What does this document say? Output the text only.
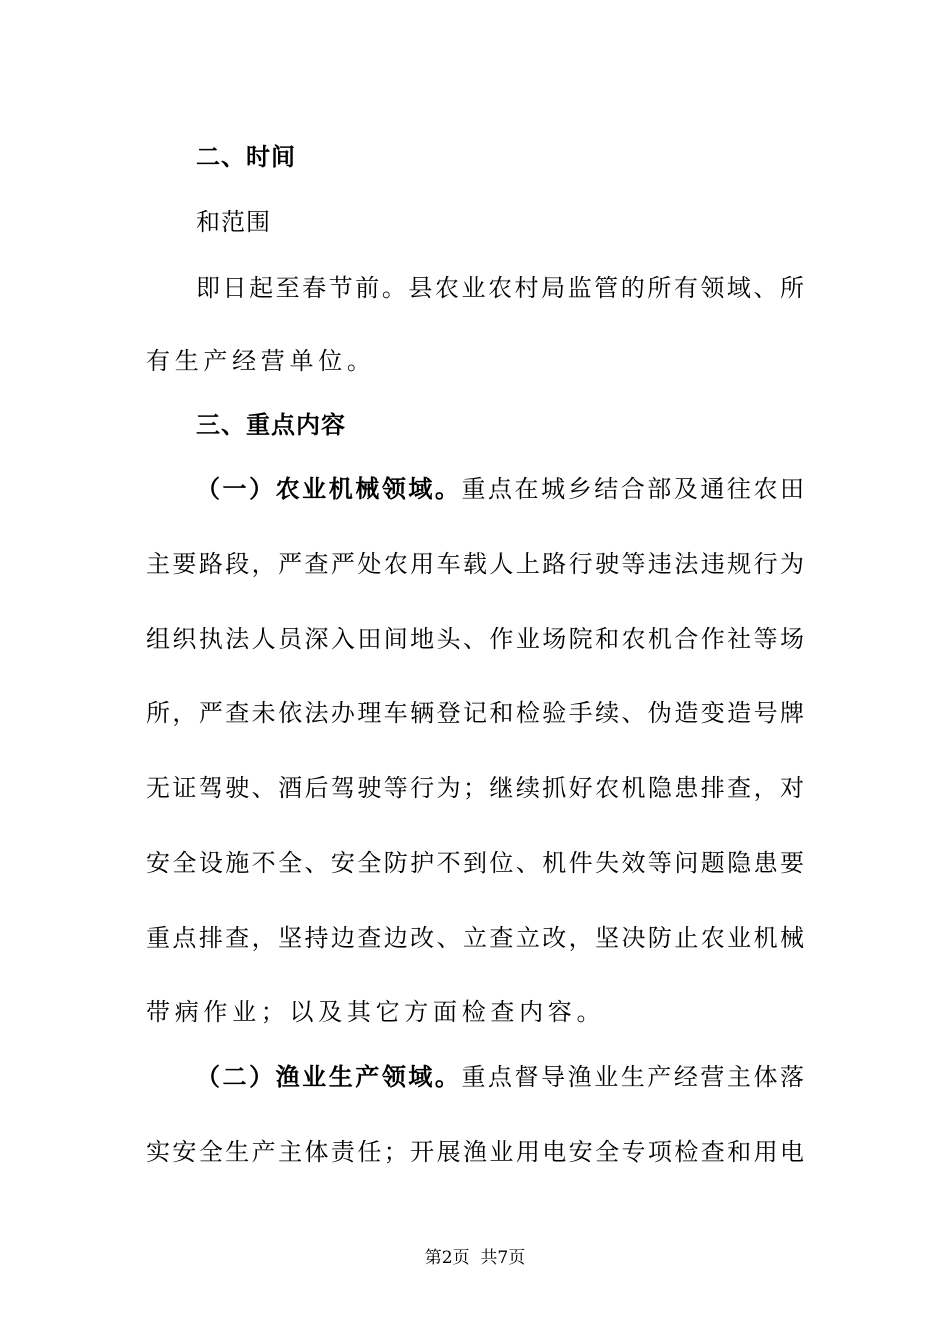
二、时间
和范围
即日起至春节前。县农业农村局监管的所有领域、所
有生产经营单位。
三、重点内容
（一）农业机械领域。重点在城乡结合部及通往农田
主要路段，严查严处农用车载人上路行驶等违法违规行为
组织执法人员深入田间地头、作业场院和农机合作社等场
所，严查未依法办理车辆登记和检验手续、伪造变造号牌
无证驾驶、酒后驾驶等行为；继续抓好农机隐患排查，对
安全设施不全、安全防护不到位、机件失效等问题隐患要
重点排查，坚持边查边改、立查立改，坚决防止农业机械
带病作业；以及其它方面检查内容。
（二）渔业生产领域。重点督导渔业生产经营主体落
实安全生产主体责任；开展渔业用电安全专项检查和用电
第2页  共7页
